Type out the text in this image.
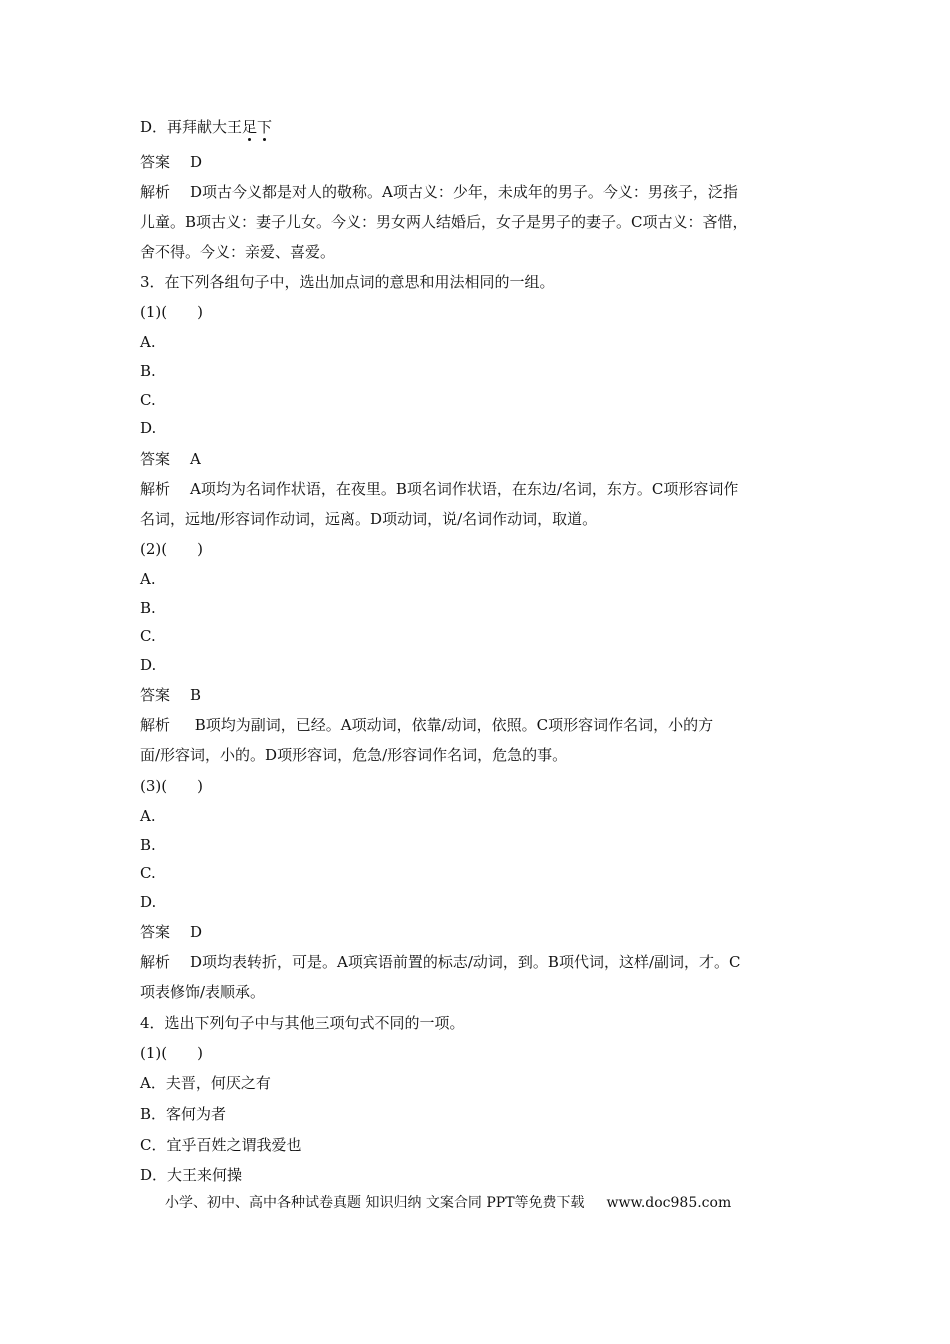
D．再拜献大王足下
答案 D
解析 D项古今义都是对人的敬称。A项古义：少年，未成年的男子。今义：男孩子，泛指
儿童。B项古义：妻子儿女。今义：男女两人结婚后，女子是男子的妻子。C项古义：吝惜，
舍不得。今义：亲爱、喜爱。
3．在下列各组句子中，选出加点词的意思和用法相同的一组。
(1)( )
A.
B.
C.
D.
答案 A
解析 A项均为名词作状语，在夜里。B项名词作状语，在东边/名词，东方。C项形容词作
名词，远地/形容词作动词，远离。D项动词，说/名词作动词，取道。
(2)( )
A.
B.
C.
D.
答案 B
解析 B项均为副词，已经。A项动词，依靠/动词，依照。C项形容词作名词，小的方
面/形容词，小的。D项形容词，危急/形容词作名词，危急的事。
(3)( )
A.
B.
C.
D.
答案 D
解析 D项均表转折，可是。A项宾语前置的标志/动词，到。B项代词，这样/副词，才。C
项表修饰/表顺承。
4．选出下列句子中与其他三项句式不同的一项。
(1)( )
A．夫晋，何厌之有
B．客何为者
C．宜乎百姓之谓我爱也
D．大王来何操
小学、初中、高中各种试卷真题 知识归纳 文案合同 PPT等免费下载 www.doc985.com
